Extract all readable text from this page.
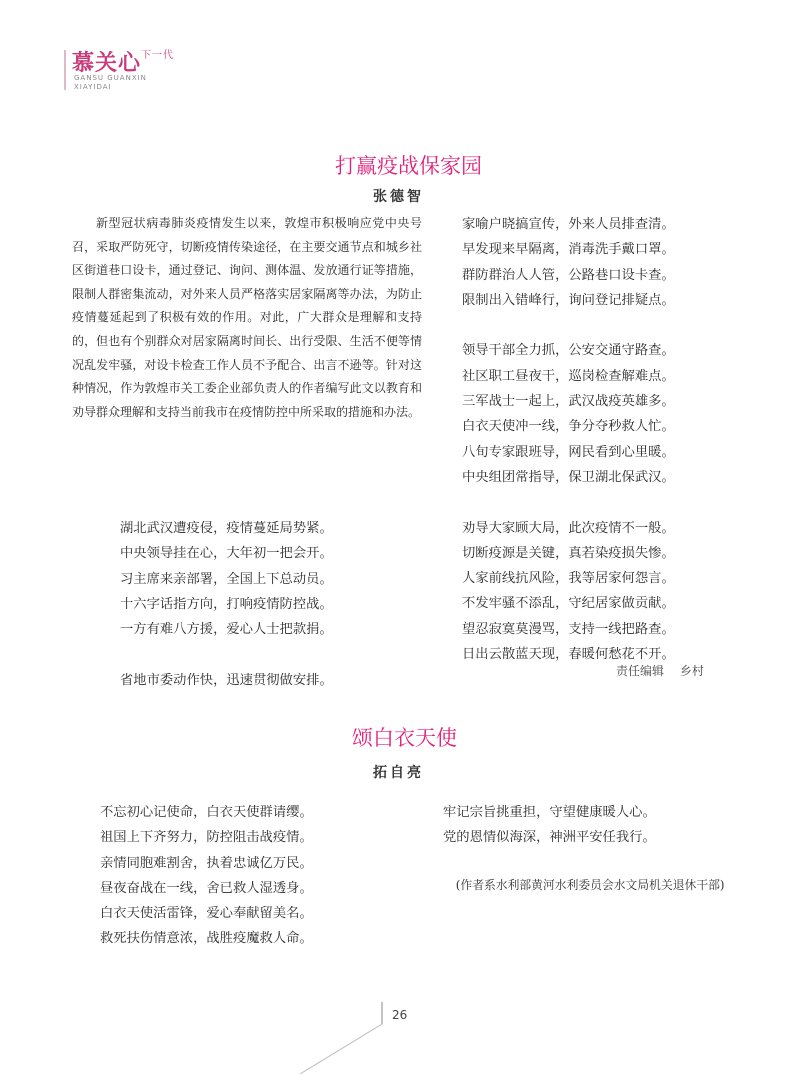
慕关心$^{下一代}$
GANSU GUANXIN
XIAYIDAI
打赢疫战保家园
张德智
新型冠状病毒肺炎疫情发生以来，敦煌市积极响应党中央号召，采取严防死守，切断疫情传染途径，在主要交通节点和城乡社区街道巷口设卡，通过登记、询问、测体温、发放通行证等措施，限制人群密集流动，对外来人员严格落实居家隔离等办法，为防止疫情蔓延起到了积极有效的作用。对此，广大群众是理解和支持的，但也有个别群众对居家隔离时间长、出行受限、生活不便等情况乱发牢骚，对设卡检查工作人员不予配合、出言不逊等。针对这种情况，作为敦煌市关工委企业部负责人的作者编写此文以教育和劝导群众理解和支持当前我市在疫情防控中所采取的措施和办法。
湖北武汉遭疫侵，疫情蔓延局势紧。
中央领导挂在心，大年初一把会开。
习主席来亲部署，全国上下总动员。
十六字话指方向，打响疫情防控战。
一方有难八方援，爱心人士把款捐。
省地市委动作快，迅速贯彻做安排。
家喻户晓搞宣传，外来人员排查清。
早发现来早隔离，消毒洗手戴口罩。
群防群治人人管，公路巷口设卡查。
限制出入错峰行，询问登记排疑点。
领导干部全力抓，公安交通守路查。
社区职工昼夜干，巡岗检查解难点。
三军战士一起上，武汉战疫英雄多。
白衣天使冲一线，争分夺秒救人忙。
八旬专家跟班导，网民看到心里暖。
中央组团常指导，保卫湖北保武汉。
劝导大家顾大局，此次疫情不一般。
切断疫源是关键，真若染疫损失惨。
人家前线抗风险，我等居家何怨言。
不发牢骚不添乱，守纪居家做贡献。
望忍寂寞莫漫骂，支持一线把路查。
日出云散蓝天现，春暖何愁花不开。
责任编辑 乡村
颂白衣天使
拓自亮
不忘初心记使命，白衣天使群请缨。
祖国上下齐努力，防控阻击战疫情。
亲情同胞难割舍，执着忠诚亿万民。
昼夜奋战在一线，舍已救人湿透身。
白衣天使活雷锋，爱心奉献留美名。
救死扶伤情意浓，战胜疫魔救人命。
牢记宗旨挑重担，守望健康暖人心。
党的恩情似海深，神洲平安任我行。
(作者系水利部黄河水利委员会水文局机关退休干部)
26
